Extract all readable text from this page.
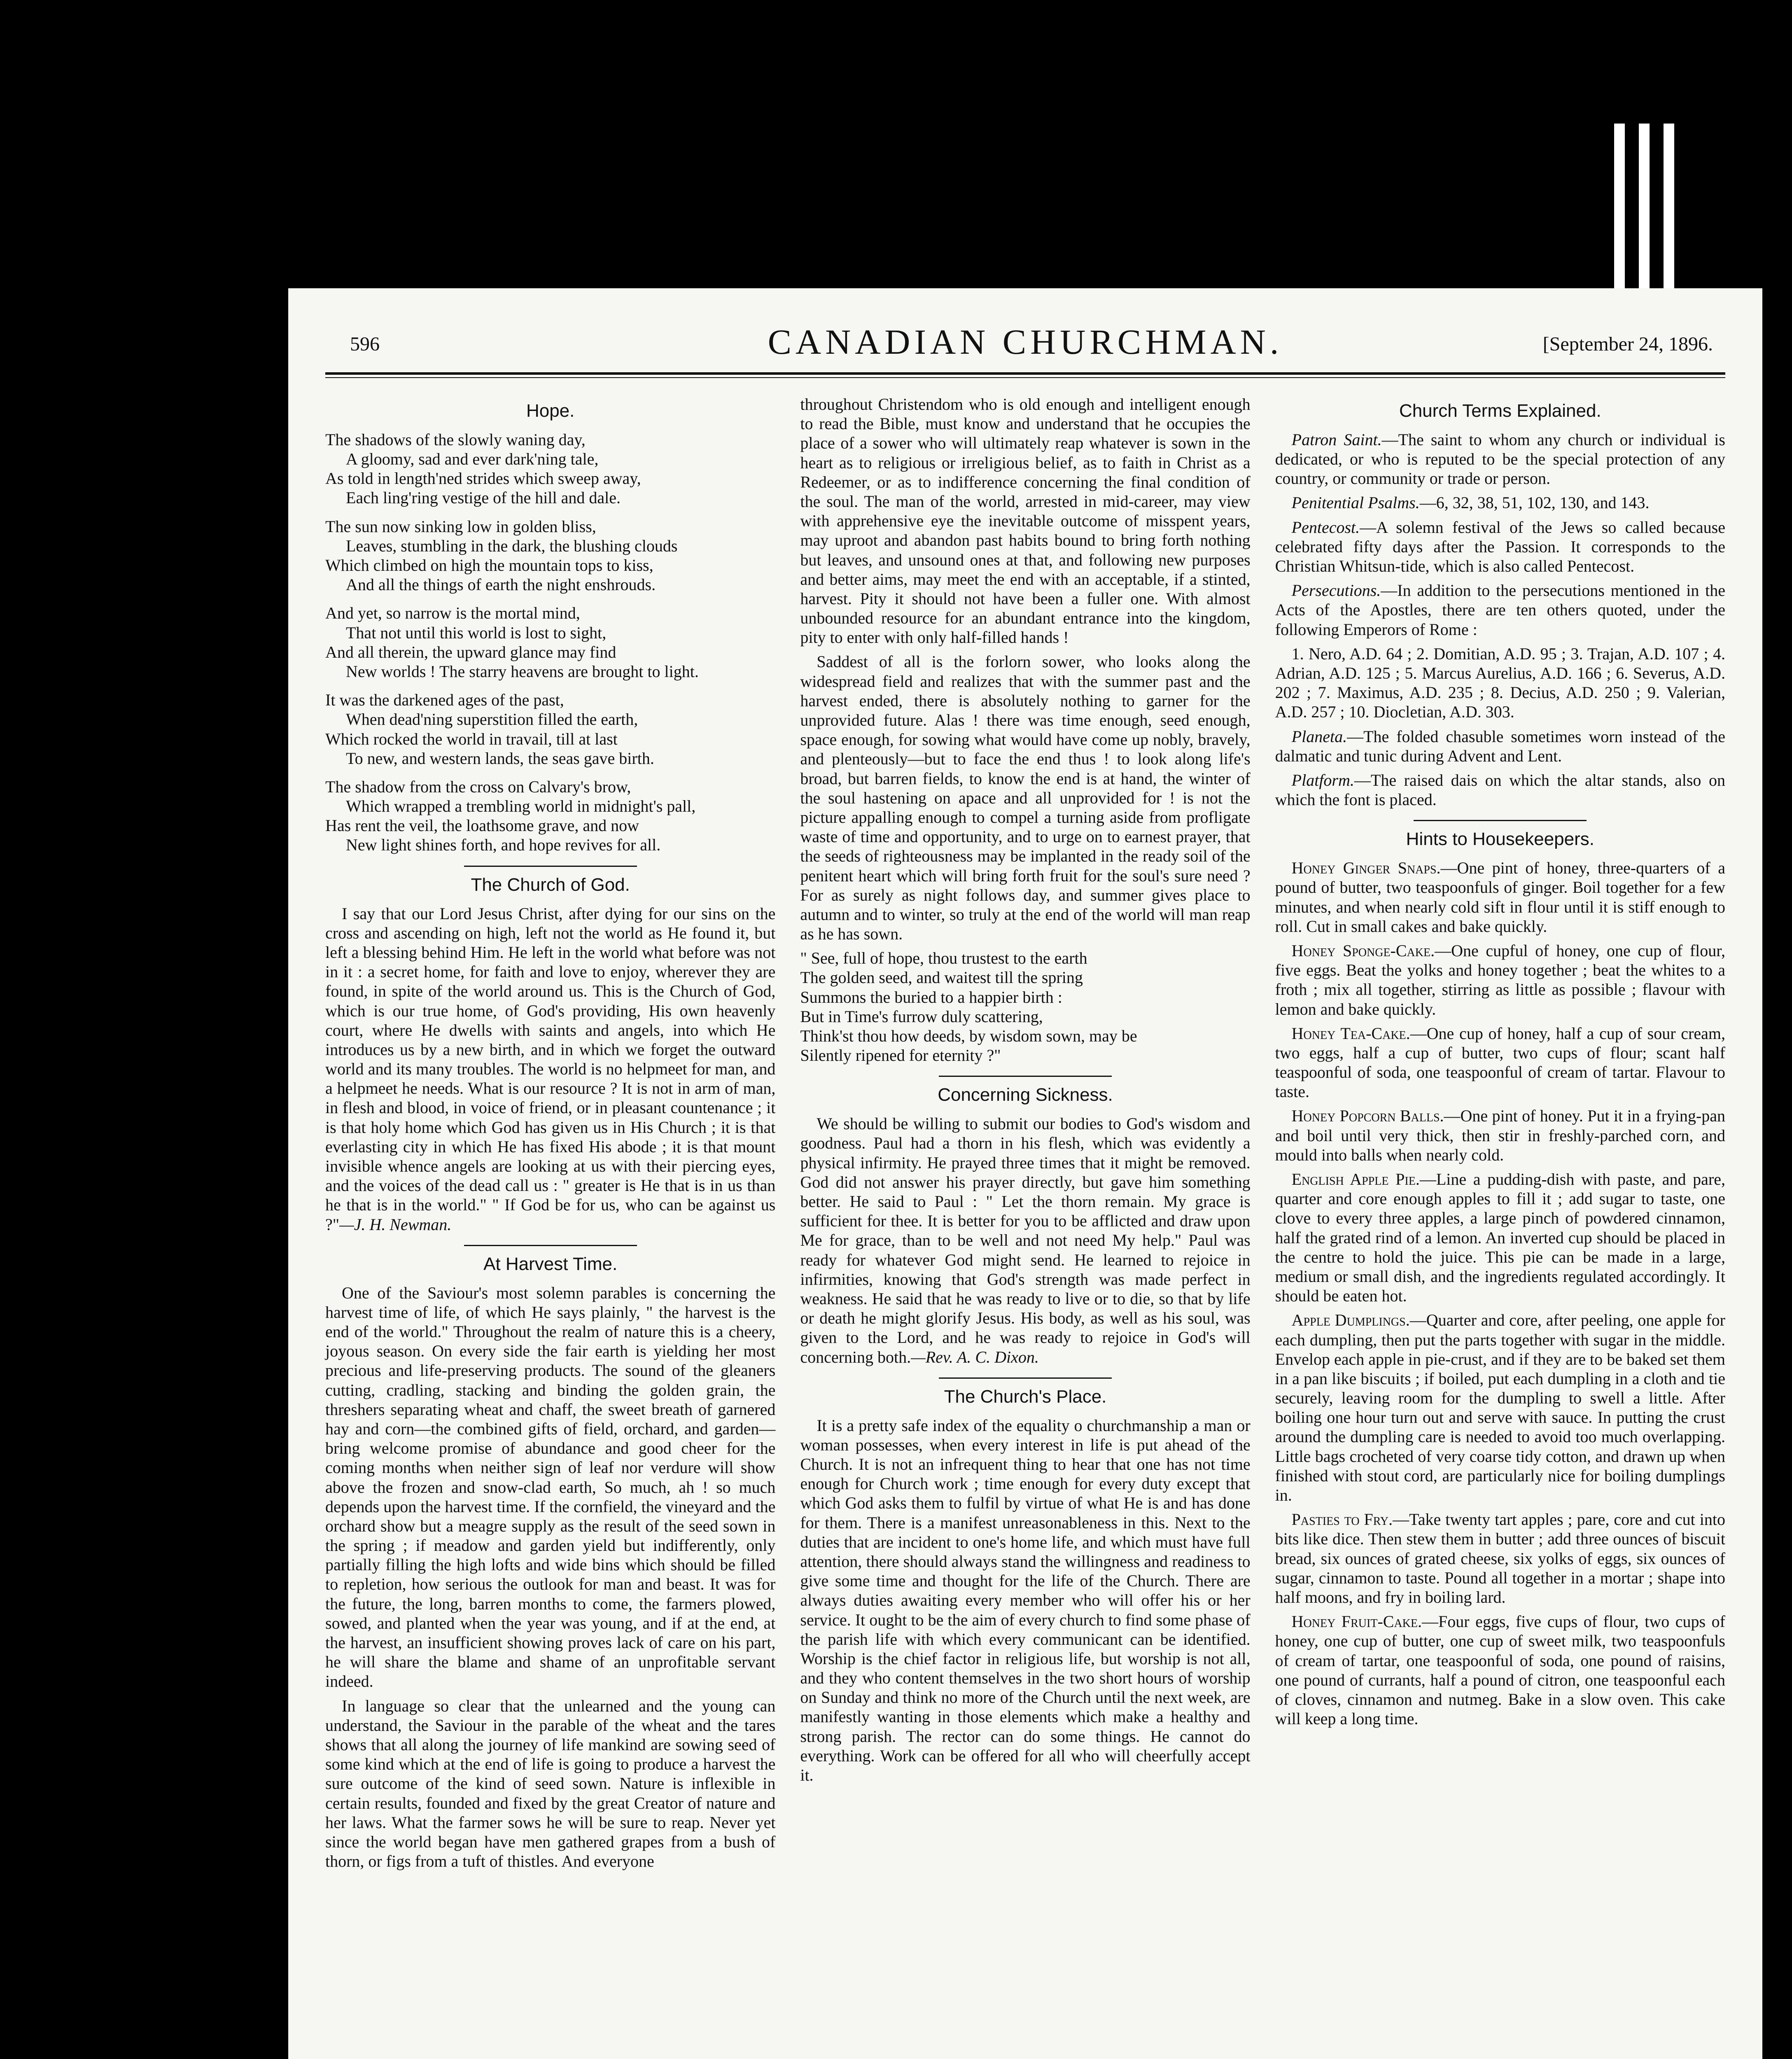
596	CANADIAN CHURCHMAN.	[September 24, 1896.
Hope.
The shadows of the slowly waning day,
A gloomy, sad and ever dark'ning tale,
As told in length'ned strides which sweep away,
Each ling'ring vestige of the hill and dale.
The sun now sinking low in golden bliss,
Leaves, stumbling in the dark, the blushing clouds
Which climbed on high the mountain tops to kiss,
And all the things of earth the night enshrouds.
And yet, so narrow is the mortal mind,
That not until this world is lost to sight,
And all therein, the upward glance may find
New worlds ! The starry heavens are brought to light.
It was the darkened ages of the past,
When dead'ning superstition filled the earth,
Which rocked the world in travail, till at last
To new, and western lands, the seas gave birth.
The shadow from the cross on Calvary's brow,
Which wrapped a trembling world in midnight's pall,
Has rent the veil, the loathsome grave, and now
New light shines forth, and hope revives for all.
The Church of God.

I say that our Lord Jesus Christ, after dying for our sins on the cross and ascending on high, left not the world as He found it, but left a blessing behind Him. He left in the world what before was not in it : a secret home, for faith and love to enjoy, wherever they are found, in spite of the world around us. This is the Church of God, which is our true home, of God's providing, His own heavenly court, where He dwells with saints and angels, into which He introduces us by a new birth, and in which we forget the outward world and its many troubles. The world is no helpmeet for man, and a helpmeet he needs. What is our resource ? It is not in arm of man, in flesh and blood, in voice of friend, or in pleasant countenance ; it is that holy home which God has given us in His Church ; it is that everlasting city in which He has fixed His abode ; it is that mount invisible whence angels are looking at us with their piercing eyes, and the voices of the dead call us : " greater is He that is in us than he that is in the world." " If God be for us, who can be against us ?"—J. H. Newman.

At Harvest Time.

One of the Saviour's most solemn parables is concerning the harvest time of life, of which He says plainly, " the harvest is the end of the world." Throughout the realm of nature this is a cheery, joyous season. On every side the fair earth is yielding her most precious and life-preserving products. The sound of the gleaners cutting, cradling, stacking and binding the golden grain, the threshers separating wheat and chaff, the sweet breath of garnered hay and corn—the combined gifts of field, orchard, and garden—bring welcome promise of abundance and good cheer for the coming months when neither sign of leaf nor verdure will show above the frozen and snow-clad earth, So much, ah ! so much depends upon the harvest time. If the cornfield, the vineyard and the orchard show but a meagre supply as the result of the seed sown in the spring ; if meadow and garden yield but indifferently, only partially filling the high lofts and wide bins which should be filled to repletion, how serious the outlook for man and beast. It was for the future, the long, barren months to come, the farmers plowed, sowed, and planted when the year was young, and if at the end, at the harvest, an insufficient showing proves lack of care on his part, he will share the blame and shame of an unprofitable servant indeed.

In language so clear that the unlearned and the young can understand, the Saviour in the parable of the wheat and the tares shows that all along the journey of life mankind are sowing seed of some kind which at the end of life is going to produce a harvest the sure outcome of the kind of seed sown. Nature is inflexible in certain results, founded and fixed by the great Creator of nature and her laws. What the farmer sows he will be sure to reap. Never yet since the world began have men gathered grapes from a bush of thorn, or figs from a tuft of thistles. And everyone

throughout Christendom who is old enough and intelligent enough to read the Bible, must know and understand that he occupies the place of a sower who will ultimately reap whatever is sown in the heart as to religious or irreligious belief, as to faith in Christ as a Redeemer, or as to indifference concerning the final condition of the soul. The man of the world, arrested in mid-career, may view with apprehensive eye the inevitable outcome of misspent years, may uproot and abandon past habits bound to bring forth nothing but leaves, and unsound ones at that, and following new purposes and better aims, may meet the end with an acceptable, if a stinted, harvest. Pity it should not have been a fuller one. With almost unbounded resource for an abundant entrance into the kingdom, pity to enter with only half-filled hands !

Saddest of all is the forlorn sower, who looks along the widespread field and realizes that with the summer past and the harvest ended, there is absolutely nothing to garner for the unprovided future. Alas ! there was time enough, seed enough, space enough, for sowing what would have come up nobly, bravely, and plenteously—but to face the end thus ! to look along life's broad, but barren fields, to know the end is at hand, the winter of the soul hastening on apace and all unprovided for ! is not the picture appalling enough to compel a turning aside from profligate waste of time and opportunity, and to urge on to earnest prayer, that the seeds of righteousness may be implanted in the ready soil of the penitent heart which will bring forth fruit for the soul's sure need ? For as surely as night follows day, and summer gives place to autumn and to winter, so truly at the end of the world will man reap as he has sown.

" See, full of hope, thou trustest to the earth
The golden seed, and waitest till the spring
Summons the buried to a happier birth :
But in Time's furrow duly scattering,
Think'st thou how deeds, by wisdom sown, may be
Silently ripened for eternity ?"
Concerning Sickness.

We should be willing to submit our bodies to God's wisdom and goodness. Paul had a thorn in his flesh, which was evidently a physical infirmity. He prayed three times that it might be removed. God did not answer his prayer directly, but gave him something better. He said to Paul : " Let the thorn remain. My grace is sufficient for thee. It is better for you to be afflicted and draw upon Me for grace, than to be well and not need My help." Paul was ready for whatever God might send. He learned to rejoice in infirmities, knowing that God's strength was made perfect in weakness. He said that he was ready to live or to die, so that by life or death he might glorify Jesus. His body, as well as his soul, was given to the Lord, and he was ready to rejoice in God's will concerning both.—Rev. A. C. Dixon.

The Church's Place.

It is a pretty safe index of the equality o churchmanship a man or woman possesses, when every interest in life is put ahead of the Church. It is not an infrequent thing to hear that one has not time enough for Church work ; time enough for every duty except that which God asks them to fulfil by virtue of what He is and has done for them. There is a manifest unreasonableness in this. Next to the duties that are incident to one's home life, and which must have full attention, there should always stand the willingness and readiness to give some time and thought for the life of the Church. There are always duties awaiting every member who will offer his or her service. It ought to be the aim of every church to find some phase of the parish life with which every communicant can be identified. Worship is the chief factor in religious life, but worship is not all, and they who content themselves in the two short hours of worship on Sunday and think no more of the Church until the next week, are manifestly wanting in those elements which make a healthy and strong parish. The rector can do some things. He cannot do everything. Work can be offered for all who will cheerfully accept it.

Church Terms Explained.

Patron Saint.—The saint to whom any church or individual is dedicated, or who is reputed to be the special protection of any country, or community or trade or person.

Penitential Psalms.—6, 32, 38, 51, 102, 130, and 143.

Pentecost.—A solemn festival of the Jews so called because celebrated fifty days after the Passion. It corresponds to the Christian Whitsun-tide, which is also called Pentecost.

Persecutions.—In addition to the persecutions mentioned in the Acts of the Apostles, there are ten others quoted, under the following Emperors of Rome :

1. Nero, A.D. 64 ; 2. Domitian, A.D. 95 ; 3. Trajan, A.D. 107 ; 4. Adrian, A.D. 125 ; 5. Marcus Aurelius, A.D. 166 ; 6. Severus, A.D. 202 ; 7. Maximus, A.D. 235 ; 8. Decius, A.D. 250 ; 9. Valerian, A.D. 257 ; 10. Diocletian, A.D. 303.

Planeta.—The folded chasuble sometimes worn instead of the dalmatic and tunic during Advent and Lent.

Platform.—The raised dais on which the altar stands, also on which the font is placed.

Hints to Housekeepers.

Honey Ginger Snaps.—One pint of honey, three-quarters of a pound of butter, two teaspoonfuls of ginger. Boil together for a few minutes, and when nearly cold sift in flour until it is stiff enough to roll. Cut in small cakes and bake quickly.

Honey Sponge-Cake.—One cupful of honey, one cup of flour, five eggs. Beat the yolks and honey together ; beat the whites to a froth ; mix all together, stirring as little as possible ; flavour with lemon and bake quickly.

Honey Tea-Cake.—One cup of honey, half a cup of sour cream, two eggs, half a cup of butter, two cups of flour; scant half teaspoonful of soda, one teaspoonful of cream of tartar. Flavour to taste.

Honey Popcorn Balls.—One pint of honey. Put it in a frying-pan and boil until very thick, then stir in freshly-parched corn, and mould into balls when nearly cold.

English Apple Pie.—Line a pudding-dish with paste, and pare, quarter and core enough apples to fill it ; add sugar to taste, one clove to every three apples, a large pinch of powdered cinnamon, half the grated rind of a lemon. An inverted cup should be placed in the centre to hold the juice. This pie can be made in a large, medium or small dish, and the ingredients regulated accordingly. It should be eaten hot.

Apple Dumplings.—Quarter and core, after peeling, one apple for each dumpling, then put the parts together with sugar in the middle. Envelop each apple in pie-crust, and if they are to be baked set them in a pan like biscuits ; if boiled, put each dumpling in a cloth and tie securely, leaving room for the dumpling to swell a little. After boiling one hour turn out and serve with sauce. In putting the crust around the dumpling care is needed to avoid too much overlapping. Little bags crocheted of very coarse tidy cotton, and drawn up when finished with stout cord, are particularly nice for boiling dumplings in.

Pasties to Fry.—Take twenty tart apples ; pare, core and cut into bits like dice. Then stew them in butter ; add three ounces of biscuit bread, six ounces of grated cheese, six yolks of eggs, six ounces of sugar, cinnamon to taste. Pound all together in a mortar ; shape into half moons, and fry in boiling lard.

Honey Fruit-Cake.—Four eggs, five cups of flour, two cups of honey, one cup of butter, one cup of sweet milk, two teaspoonfuls of cream of tartar, one teaspoonful of soda, one pound of raisins, one pound of currants, half a pound of citron, one teaspoonful each of cloves, cinnamon and nutmeg. Bake in a slow oven. This cake will keep a long time.
